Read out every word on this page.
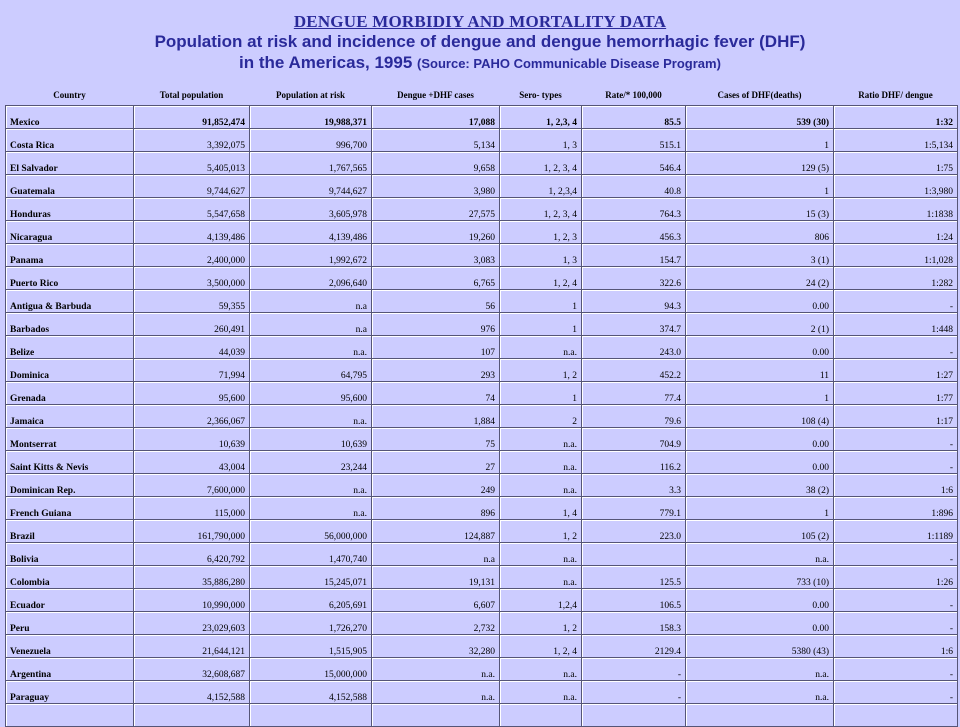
DENGUE MORBIDIY AND MORTALITY DATA
Population at risk and incidence of dengue and dengue hemorrhagic fever (DHF)
in the Americas, 1995 (Source: PAHO Communicable Disease Program)
Country	Total population	Population at risk	Dengue +DHF cases	Sero- types	Rate/* 100,000	Cases of DHF(deaths)	Ratio DHF/ dengue
Mexico	91,852,474	19,988,371	17,088	1, 2,3, 4	85.5	539 (30)	1:32
Costa Rica	3,392,075	996,700	5,134	1, 3	515.1	1	1:5,134
El Salvador	5,405,013	1,767,565	9,658	1, 2, 3, 4	546.4	129 (5)	1:75
Guatemala	9,744,627	9,744,627	3,980	1, 2,3,4	40.8	1	1:3,980
Honduras	5,547,658	3,605,978	27,575	1, 2, 3, 4	764.3	15 (3)	1:1838
Nicaragua	4,139,486	4,139,486	19,260	1, 2, 3	456.3	806	1:24
Panama	2,400,000	1,992,672	3,083	1, 3	154.7	3 (1)	1:1,028
Puerto Rico	3,500,000	2,096,640	6,765	1, 2, 4	322.6	24 (2)	1:282
Antigua & Barbuda	59,355	n.a	56	1	94.3	0.00	-
Barbados	260,491	n.a	976	1	374.7	2 (1)	1:448
Belize	44,039	n.a.	107	n.a.	243.0	0.00	-
Dominica	71,994	64,795	293	1, 2	452.2	11	1:27
Grenada	95,600	95,600	74	1	77.4	1	1:77
Jamaica	2,366,067	n.a.	1,884	2	79.6	108 (4)	1:17
Montserrat	10,639	10,639	75	n.a.	704.9	0.00	-
Saint Kitts & Nevis	43,004	23,244	27	n.a.	116.2	0.00	-
Dominican Rep.	7,600,000	n.a.	249	n.a.	3.3	38 (2)	1:6
French Guiana	115,000	n.a.	896	1, 4	779.1	1	1:896
Brazil	161,790,000	56,000,000	124,887	1, 2	223.0	105 (2)	1:1189
Bolivia	6,420,792	1,470,740	n.a	n.a.		n.a.	-
Colombia	35,886,280	15,245,071	19,131	n.a.	125.5	733 (10)	1:26
Ecuador	10,990,000	6,205,691	6,607	1,2,4	106.5	0.00	-
Peru	23,029,603	1,726,270	2,732	1, 2	158.3	0.00	-
Venezuela	21,644,121	1,515,905	32,280	1, 2, 4	2129.4	5380 (43)	1:6
Argentina	32,608,687	15,000,000	n.a.	n.a.	-	n.a.	-
Paraguay	4,152,588	4,152,588	n.a.	n.a.	-	n.a.	-
